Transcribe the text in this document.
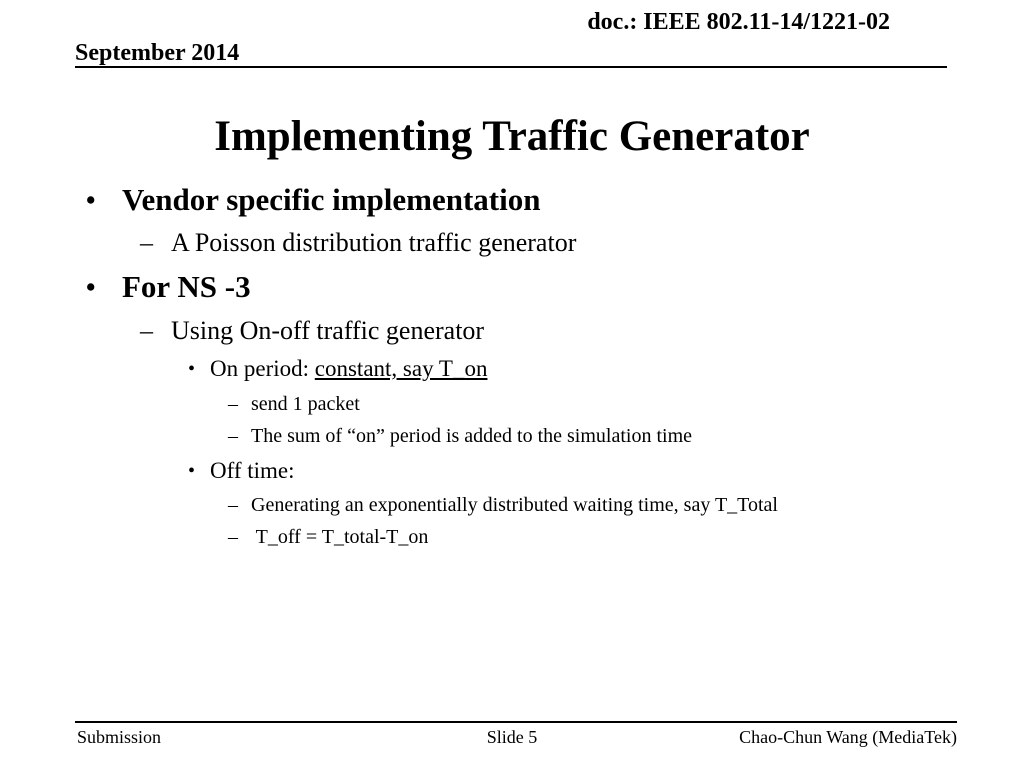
doc.: IEEE 802.11-14/1221-02
September 2014
Implementing Traffic Generator
• Vendor specific implementation
– A Poisson distribution traffic generator
• For NS -3
– Using On-off traffic generator
• On period: constant, say T_on
– send 1 packet
– The sum of “on” period is added to the simulation time
• Off time:
– Generating an exponentially distributed waiting time, say T_Total
– T_off = T_total-T_on
Submission	Slide 5	Chao-Chun Wang (MediaTek)
